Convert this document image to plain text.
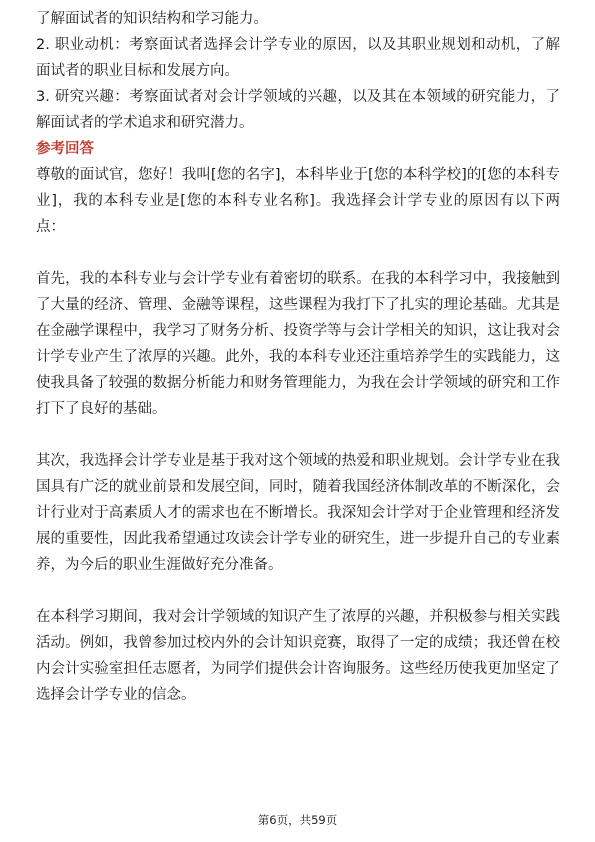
了解面试者的知识结构和学习能力。

2. 职业动机：考察面试者选择会计学专业的原因，以及其职业规划和动机，了解面试者的职业目标和发展方向。

3. 研究兴趣：考察面试者对会计学领域的兴趣，以及其在本领域的研究能力，了解面试者的学术追求和研究潜力。

参考回答

尊敬的面试官，您好！我叫[您的名字]，本科毕业于[您的本科学校]的[您的本科专业]，我的本科专业是[您的本科专业名称]。我选择会计学专业的原因有以下两点：

首先，我的本科专业与会计学专业有着密切的联系。在我的本科学习中，我接触到了大量的经济、管理、金融等课程，这些课程为我打下了扎实的理论基础。尤其是在金融学课程中，我学习了财务分析、投资学等与会计学相关的知识，这让我对会计学专业产生了浓厚的兴趣。此外，我的本科专业还注重培养学生的实践能力，这使我具备了较强的数据分析能力和财务管理能力，为我在会计学领域的研究和工作打下了良好的基础。

其次，我选择会计学专业是基于我对这个领域的热爱和职业规划。会计学专业在我国具有广泛的就业前景和发展空间，同时，随着我国经济体制改革的不断深化，会计行业对于高素质人才的需求也在不断增长。我深知会计学对于企业管理和经济发展的重要性，因此我希望通过攻读会计学专业的研究生，进一步提升自己的专业素养，为今后的职业生涯做好充分准备。

在本科学习期间，我对会计学领域的知识产生了浓厚的兴趣，并积极参与相关实践活动。例如，我曾参加过校内外的会计知识竞赛，取得了一定的成绩；我还曾在校内会计实验室担任志愿者，为同学们提供会计咨询服务。这些经历使我更加坚定了选择会计学专业的信念。

第6页，共59页
